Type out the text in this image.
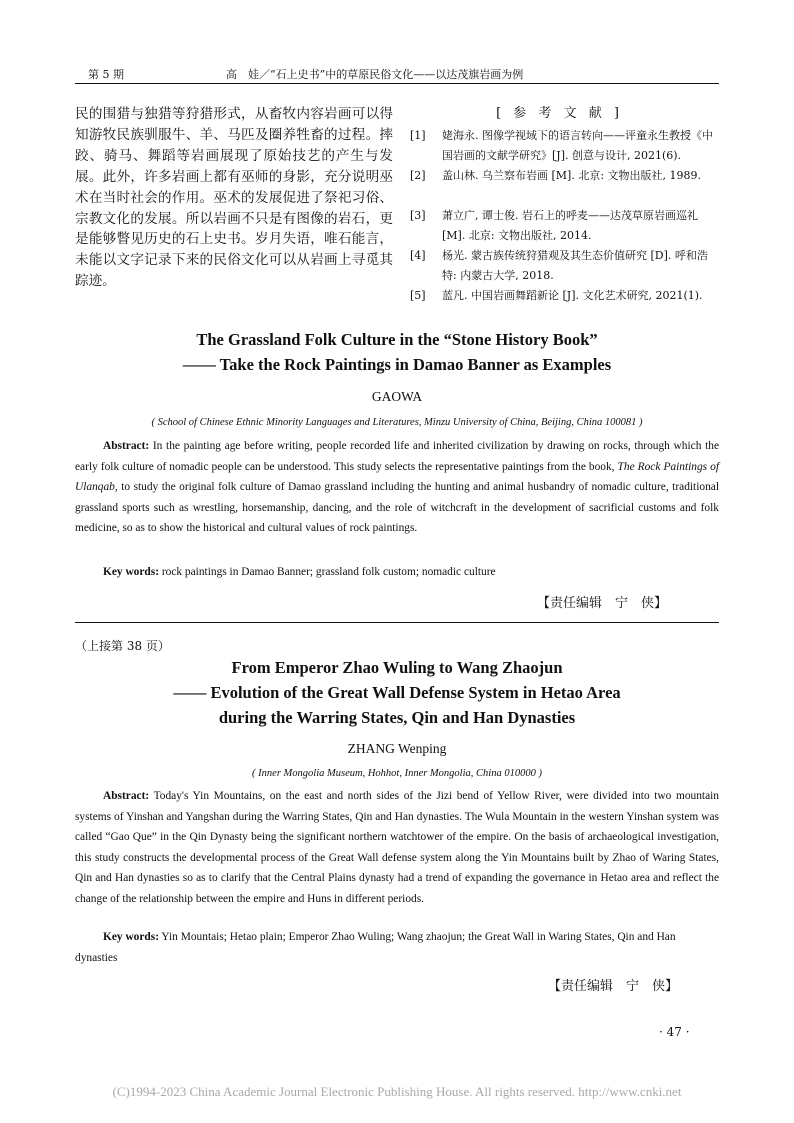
第 5 期	高　娃／“石上史书”中的草原民俗文化——以达茂旗岩画为例
民的围猎与独猎等狩猎形式，从畜牧内容岩画可以得知游牧民族驯服牛、羊、马匹及圈养牲畜的过程。摔跤、骑马、舞蹈等岩画展现了原始技艺的产生与发展。此外，许多岩画上都有巫师的身影，充分说明巫术在当时社会的作用。巫术的发展促进了祭祀习俗、宗教文化的发展。所以岩画不只是有图像的岩石，更是能够瞥见历史的石上史书。岁月失语，唯石能言，未能以文字记录下来的民俗文化可以从岩画上寻觅其踪迹。
[ 参 考 文 献 ]
[1] 姥海永. 图像学视域下的语言转向——评童永生教授《中国岩画的文献学研究》[J]. 创意与设计, 2021(6).
[2] 盖山林. 乌兰察布岩画 [M]. 北京: 文物出版社, 1989.
[3] 萧立广, 谭士俊. 岩石上的呼麦——达茂草原岩画巡礼 [M]. 北京: 文物出版社, 2014.
[4] 杨光. 蒙古族传统狩猎观及其生态价值研究 [D]. 呼和浩特: 内蒙古大学, 2018.
[5] 蓝凡. 中国岩画舞蹈新论 [J]. 文化艺术研究, 2021(1).
The Grassland Folk Culture in the “Stone History Book”
—— Take the Rock Paintings in Damao Banner as Examples
GAOWA
( School of Chinese Ethnic Minority Languages and Literatures, Minzu University of China, Beijing, China 100081 )
Abstract: In the painting age before writing, people recorded life and inherited civilization by drawing on rocks, through which the early folk culture of nomadic people can be understood. This study selects the representative paintings from the book, The Rock Paintings of Ulanqab, to study the original folk culture of Damao grassland including the hunting and animal husbandry of nomadic culture, traditional grassland sports such as wrestling, horsemanship, dancing, and the role of witchcraft in the development of sacrificial customs and folk medicine, so as to show the historical and cultural values of rock paintings.
Key words: rock paintings in Damao Banner; grassland folk custom; nomadic culture
【责任编辑　宁　侠】
（上接第 38 页）
From Emperor Zhao Wuling to Wang Zhaojun
—— Evolution of the Great Wall Defense System in Hetao Area
during the Warring States, Qin and Han Dynasties
ZHANG Wenping
( Inner Mongolia Museum, Hohhot, Inner Mongolia, China 010000 )
Abstract: Today's Yin Mountains, on the east and north sides of the Jizi bend of Yellow River, were divided into two mountain systems of Yinshan and Yangshan during the Warring States, Qin and Han dynasties. The Wula Mountain in the western Yinshan system was called “Gao Que” in the Qin Dynasty being the significant northern watchtower of the empire. On the basis of archaeological investigation, this study constructs the developmental process of the Great Wall defense system along the Yin Mountains built by Zhao of Waring States, Qin and Han dynasties so as to clarify that the Central Plains dynasty had a trend of expanding the governance in Hetao area and reflect the change of the relationship between the empire and Huns in different periods.
Key words: Yin Mountais; Hetao plain; Emperor Zhao Wuling; Wang zhaojun; the Great Wall in Waring States, Qin and Han dynasties
【责任编辑　宁　侠】
· 47 ·
(C)1994-2023 China Academic Journal Electronic Publishing House. All rights reserved. http://www.cnki.net
